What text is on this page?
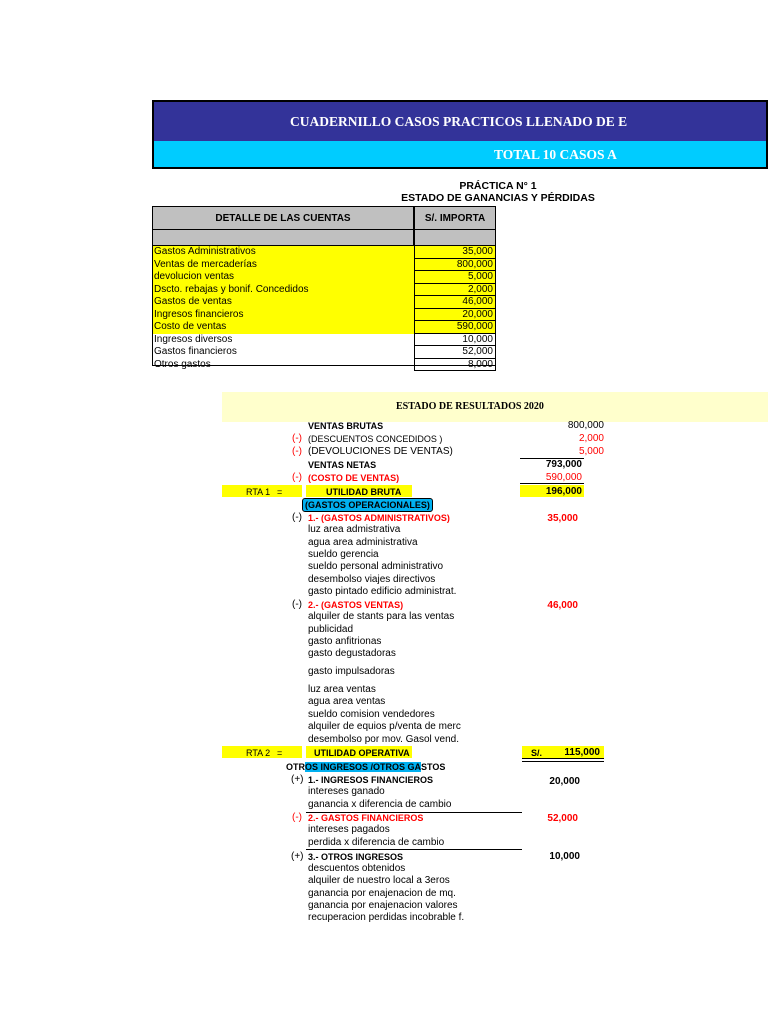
CUADERNILLO CASOS PRACTICOS LLENADO DE E
TOTAL 10 CASOS A
PRÁCTICA N° 1
ESTADO DE GANANCIAS Y PÉRDIDAS
DETALLE DE LAS CUENTAS	S/. IMPORTA
Gastos Administrativos	35,000
Ventas de mercaderías	800,000
devolucion ventas	5,000
Dscto. rebajas y bonif. Concedidos	2,000
Gastos de ventas	46,000
Ingresos financieros	20,000
Costo de ventas	590,000
Ingresos diversos	10,000
Gastos financieros	52,000
Otros gastos	8,000
ESTADO DE RESULTADOS 2020
VENTAS BRUTAS	800,000
(-) (DESCUENTOS CONCEDIDOS )	2,000
(-) (DEVOLUCIONES DE VENTAS)	5,000
VENTAS NETAS	793,000
(-) (COSTO DE VENTAS)	590,000
RTA 1 =	UTILIDAD BRUTA	196,000
(GASTOS OPERACIONALES)
(-) 1.- (GASTOS ADMINISTRATIVOS)	35,000
luz area admistrativa
agua area administrativa
sueldo gerencia
sueldo personal administrativo
desembolso viajes directivos
gasto pintado edificio administrat.
(-) 2.- (GASTOS VENTAS)	46,000
alquiler de stants para las ventas
publicidad
gasto anfitrionas
gasto degustadoras
gasto impulsadoras
luz area ventas
agua area ventas
sueldo comision vendedores
alquiler de equios p/venta de merc
desembolso por mov. Gasol vend.
RTA 2 =	UTILIDAD OPERATIVA	S/.	115,000
OTROS INGRESOS /OTROS GASTOS
(+) 1.- INGRESOS FINANCIEROS	20,000
intereses ganado
ganancia x diferencia de cambio
(-) 2.- GASTOS FINANCIEROS	52,000
intereses pagados
perdida x diferencia de cambio
(+) 3.- OTROS INGRESOS	10,000
descuentos obtenidos
alquiler de nuestro local a 3eros
ganancia por enajenacion de mq.
ganancia por enajenacion valores
recuperacion perdidas incobrable f.
